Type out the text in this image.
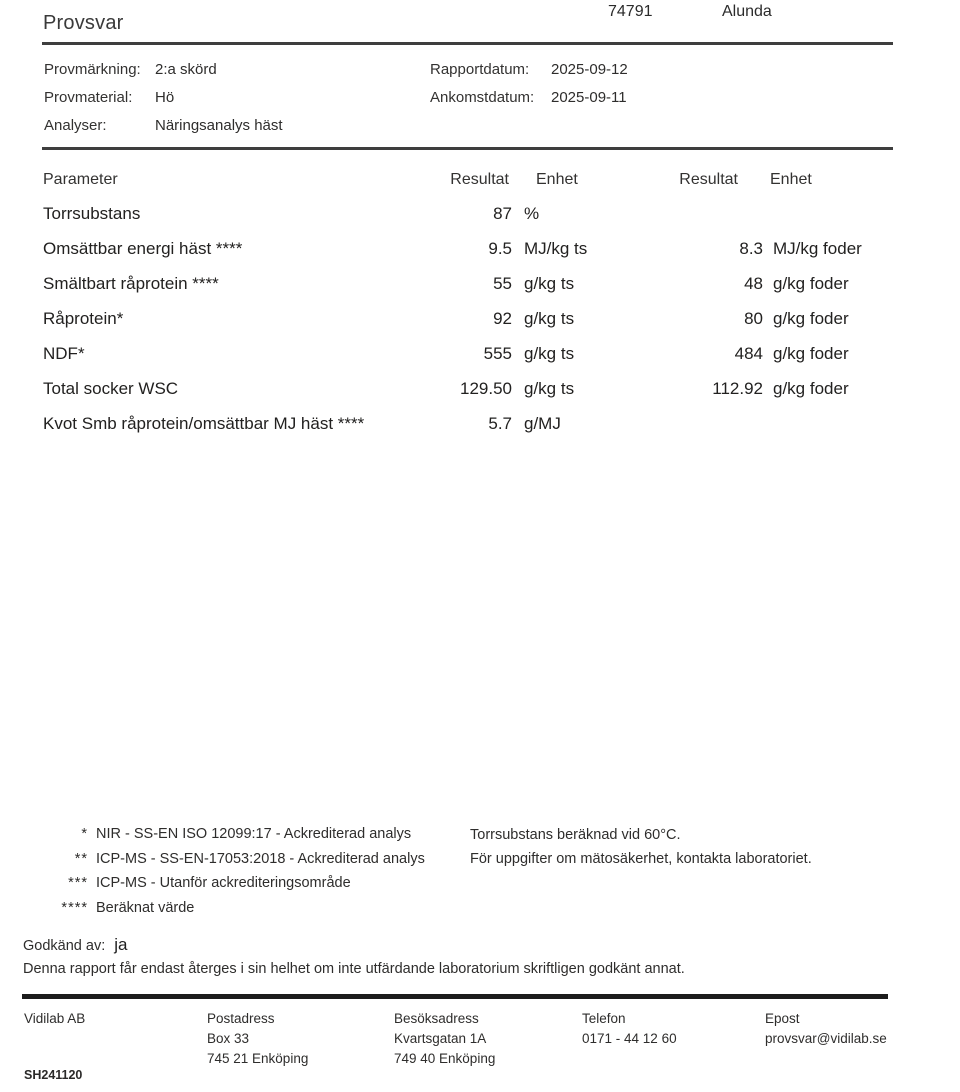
Provsvar
74791	Alunda
Provmärkning: 2:a skörd
Provmaterial: Hö
Analyser:	Näringsanalys häst
Rapportdatum: 2025-09-12
Ankomstdatum: 2025-09-11
Parameter	Resultat	Enhet	Resultat	Enhet
Torrsubstans	87 %
Omsättbar energi häst ****	9.5 MJ/kg ts	8.3 MJ/kg foder
Smältbart råprotein ****	55 g/kg ts	48 g/kg foder
Råprotein*	92 g/kg ts	80 g/kg foder
NDF*	555 g/kg ts	484 g/kg foder
Total socker WSC	129.50 g/kg ts	112.92 g/kg foder
Kvot Smb råprotein/omsättbar MJ häst ****	5.7 g/MJ
* NIR - SS-EN ISO 12099:17 - Ackrediterad analys
** ICP-MS - SS-EN-17053:2018 - Ackrediterad analys
*** ICP-MS - Utanför ackrediteringsområde
**** Beräknat värde
Torrsubstans beräknad vid 60°C.
För uppgifter om mätosäkerhet, kontakta laboratoriet.
Godkänd av: ja
Denna rapport får endast återges i sin helhet om inte utfärdande laboratorium skriftligen godkänt annat.
Vidilab AB	Postadress
Box 33
745 21 Enköping
Besöksadress
Kvartsgatan 1A
749 40 Enköping
Telefon
0171 - 44 12 60
Epost
provsvar@vidilab.se
SH241120
